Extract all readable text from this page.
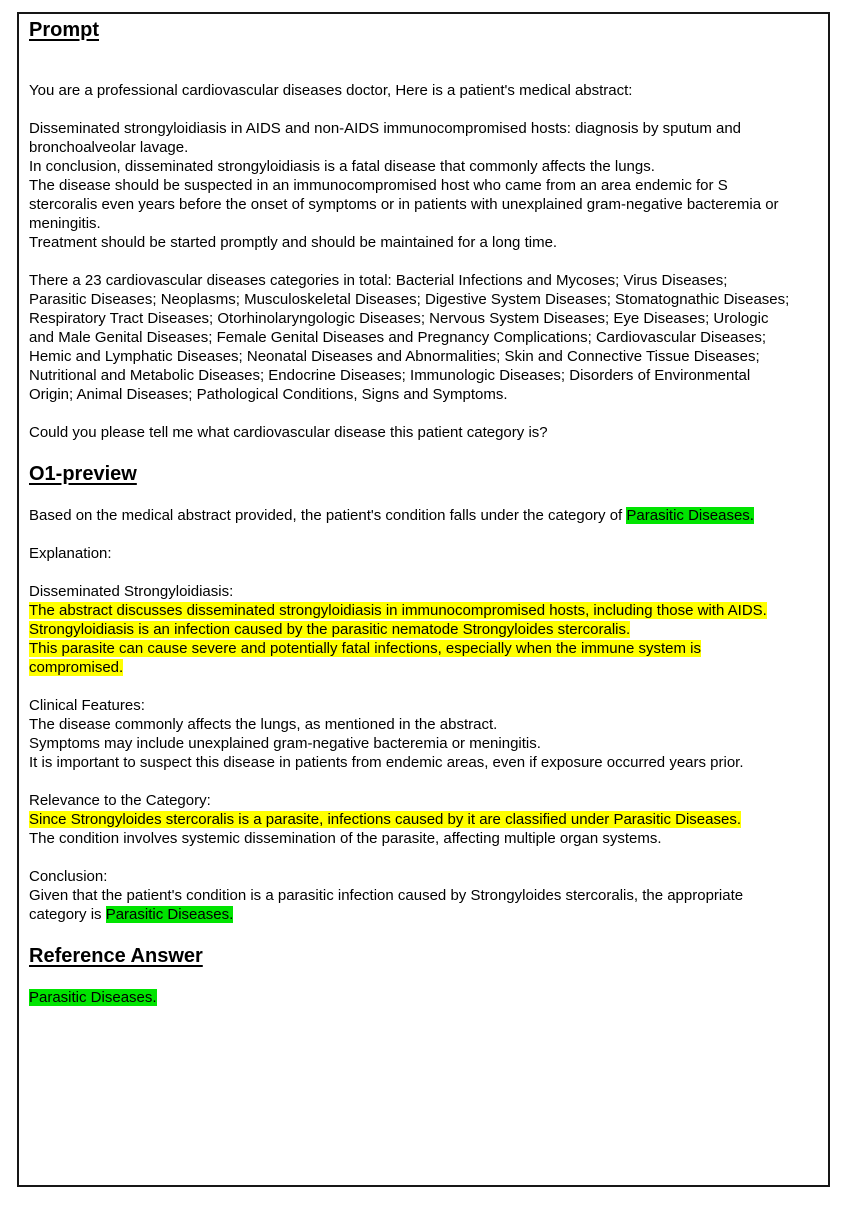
Prompt
You are a professional cardiovascular diseases doctor, Here is a patient's medical abstract:
Disseminated strongyloidiasis in AIDS and non-AIDS immunocompromised hosts: diagnosis by sputum and
bronchoalveolar lavage.
In conclusion, disseminated strongyloidiasis is a fatal disease that commonly affects the lungs.
The disease should be suspected in an immunocompromised host who came from an area endemic for S
stercoralis even years before the onset of symptoms or in patients with unexplained gram-negative bacteremia or
meningitis.
Treatment should be started promptly and should be maintained for a long time.
There a 23 cardiovascular diseases categories in total: Bacterial Infections and Mycoses; Virus Diseases;
Parasitic Diseases; Neoplasms; Musculoskeletal Diseases; Digestive System Diseases; Stomatognathic Diseases;
Respiratory Tract Diseases; Otorhinolaryngologic Diseases; Nervous System Diseases; Eye Diseases; Urologic
and Male Genital Diseases; Female Genital Diseases and Pregnancy Complications; Cardiovascular Diseases;
Hemic and Lymphatic Diseases; Neonatal Diseases and Abnormalities; Skin and Connective Tissue Diseases;
Nutritional and Metabolic Diseases; Endocrine Diseases; Immunologic Diseases; Disorders of Environmental
Origin; Animal Diseases; Pathological Conditions, Signs and Symptoms.
Could you please tell me what cardiovascular disease this patient category is?
O1-preview
Based on the medical abstract provided, the patient's condition falls under the category of Parasitic Diseases.
Explanation:
Disseminated Strongyloidiasis:
The abstract discusses disseminated strongyloidiasis in immunocompromised hosts, including those with AIDS.
Strongyloidiasis is an infection caused by the parasitic nematode Strongyloides stercoralis.
This parasite can cause severe and potentially fatal infections, especially when the immune system is
compromised.
Clinical Features:
The disease commonly affects the lungs, as mentioned in the abstract.
Symptoms may include unexplained gram-negative bacteremia or meningitis.
It is important to suspect this disease in patients from endemic areas, even if exposure occurred years prior.
Relevance to the Category:
Since Strongyloides stercoralis is a parasite, infections caused by it are classified under Parasitic Diseases.
The condition involves systemic dissemination of the parasite, affecting multiple organ systems.
Conclusion:
Given that the patient's condition is a parasitic infection caused by Strongyloides stercoralis, the appropriate
category is Parasitic Diseases.
Reference Answer
Parasitic Diseases.
